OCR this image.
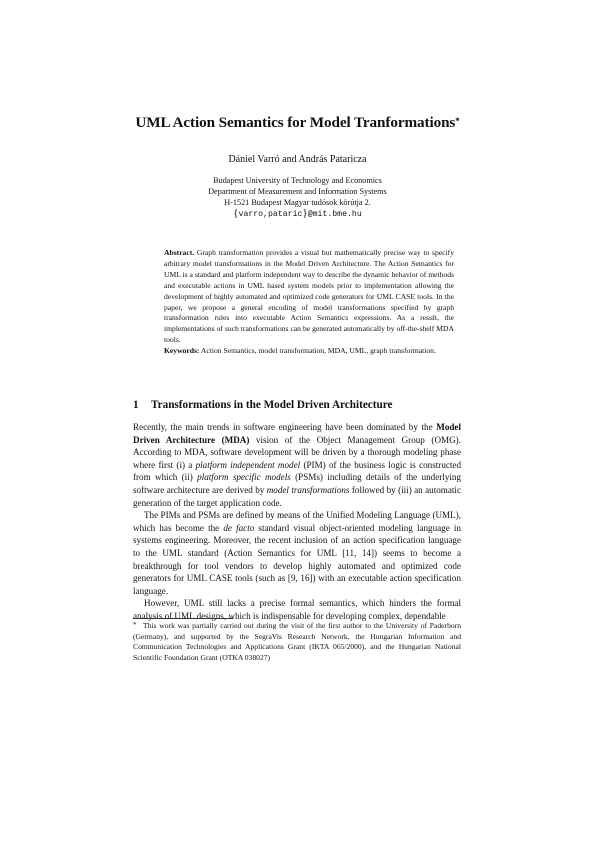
UML Action Semantics for Model Tranformations*
Dániel Varró and András Pataricza
Budapest University of Technology and Economics
Department of Measurement and Information Systems
H-1521 Budapest Magyar tudósok körútja 2.
{varro,pataric}@mit.bme.hu

Abstract. Graph transformation provides a visual but mathematically precise way to specify arbitrary model transformations in the Model Driven Architecture. The Action Semantics for UML is a standard and platform independent way to describe the dynamic behavior of methods and executable actions in UML based system models prior to implementation allowing the development of highly automated and optimized code generators for UML CASE tools. In the paper, we propose a general encoding of model transformations specified by graph transformation rules into executable Action Semantics expressions. As a result, the implementations of such transformations can be generated automatically by off-the-shelf MDA tools.

Keywords: Action Semantics, model transformation, MDA, UML, graph transformation.

1 Transformations in the Model Driven Architecture

Recently, the main trends in software engineering have been dominated by the Model Driven Architecture (MDA) vision of the Object Management Group (OMG). According to MDA, software development will be driven by a thorough modeling phase where first (i) a platform independent model (PIM) of the business logic is constructed from which (ii) platform specific models (PSMs) including details of the underlying software architecture are derived by model transformations followed by (iii) an automatic generation of the target application code.

The PIMs and PSMs are defined by means of the Unified Modeling Language (UML), which has become the de facto standard visual object-oriented modeling language in systems engineering. Moreover, the recent inclusion of an action specification language to the UML standard (Action Semantics for UML [11, 14]) seems to become a breakthrough for tool vendors to develop highly automated and optimized code generators for UML CASE tools (such as [9, 16]) with an executable action specification language.

However, UML still lacks a precise formal semantics, which hinders the formal analysis of UML designs, which is indispensable for developing complex, dependable

* This work was partially carried out during the visit of the first author to the University of Paderborn (Germany), and supported by the SegraVis Research Network, the Hungarian Information and Communication Technologies and Applications Grant (IKTA 065/2000), and the Hungarian National Scientific Foundation Grant (OTKA 038027)
